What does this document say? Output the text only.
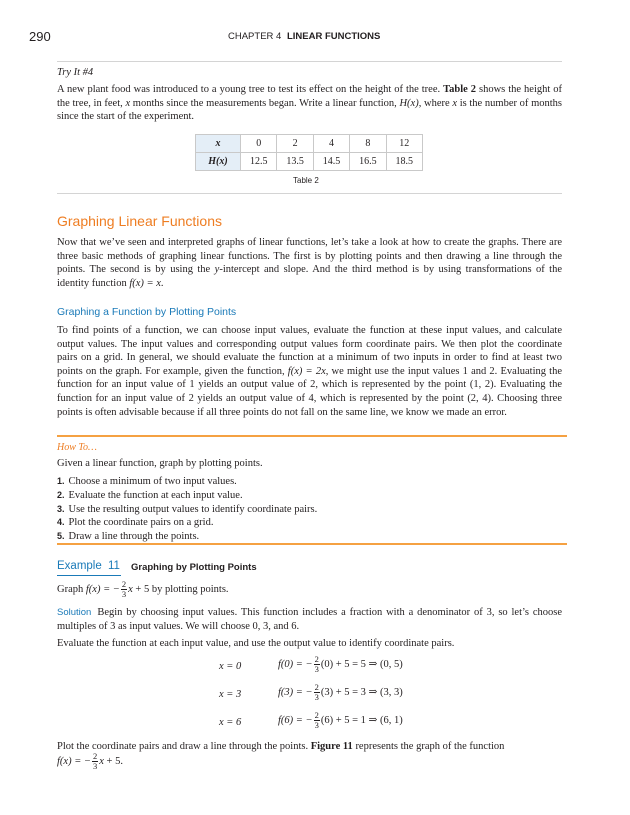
290	CHAPTER 4 LINEAR FUNCTIONS
Try It #4
A new plant food was introduced to a young tree to test its effect on the height of the tree. Table 2 shows the height of the tree, in feet, x months since the measurements began. Write a linear function, H(x), where x is the number of months since the start of the experiment.
x	0	2	4	8	12
H(x)	12.5	13.5	14.5	16.5	18.5
Table 2
Graphing Linear Functions
Now that we’ve seen and interpreted graphs of linear functions, let’s take a look at how to create the graphs. There are three basic methods of graphing linear functions. The first is by plotting points and then drawing a line through the points. The second is by using the y-intercept and slope. And the third method is by using transformations of the identity function f(x) = x.
Graphing a Function by Plotting Points
To find points of a function, we can choose input values, evaluate the function at these input values, and calculate output values. The input values and corresponding output values form coordinate pairs. We then plot the coordinate pairs on a grid. In general, we should evaluate the function at a minimum of two inputs in order to find at least two points on the graph. For example, given the function, f(x) = 2x, we might use the input values 1 and 2. Evaluating the function for an input value of 1 yields an output value of 2, which is represented by the point (1, 2). Evaluating the function for an input value of 2 yields an output value of 4, which is represented by the point (2, 4). Choosing three points is often advisable because if all three points do not fall on the same line, we know we made an error.
How To…
Given a linear function, graph by plotting points.
1. Choose a minimum of two input values.
2. Evaluate the function at each input value.
3. Use the resulting output values to identify coordinate pairs.
4. Plot the coordinate pairs on a grid.
5. Draw a line through the points.
Example 11 Graphing by Plotting Points
Graph f(x) = − $\frac{2}{3}$ x + 5 by plotting points.
Solution Begin by choosing input values. This function includes a fraction with a denominator of 3, so let’s choose multiples of 3 as input values. We will choose 0, 3, and 6.
Evaluate the function at each input value, and use the output value to identify coordinate pairs.
x = 0	f(0) = − $\frac{2}{3} (0) + 5 = 5$ ⇒ (0, 5)
x = 3	f(3) = − $\frac{2}{3} (3) + 5 = 3$ ⇒ (3, 3)
x = 6	f(6) = − $\frac{2}{3} (6) + 5 = 1$ ⇒ (6, 1)
Plot the coordinate pairs and draw a line through the points. Figure 11 represents the graph of the function
f(x) = − $\frac{2}{3}$ x + 5.
